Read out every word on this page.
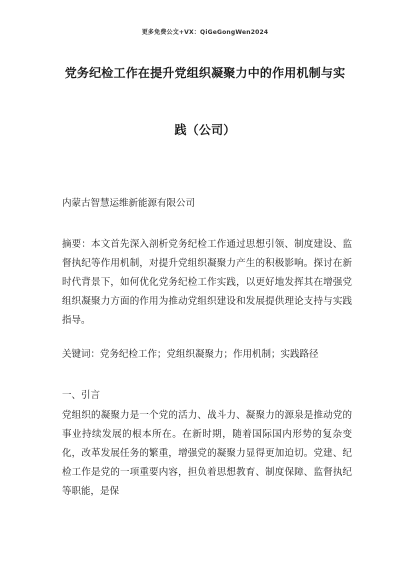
更多免费公文+VX：QiGeGongWen2024
党务纪检工作在提升党组织凝聚力中的作用机制与实
践（公司）
内蒙古智慧运维新能源有限公司

摘要：本文首先深入剖析党务纪检工作通过思想引领、制度建设、监督执纪等作用机制，对提升党组织凝聚力产生的积极影响。探讨在新时代背景下，如何优化党务纪检工作实践，以更好地发挥其在增强党组织凝聚力方面的作用为推动党组织建设和发展提供理论支持与实践指导。

关键词：党务纪检工作；党组织凝聚力；作用机制；实践路径

一、引言

党组织的凝聚力是一个党的活力、战斗力、凝聚力的源泉是推动党的事业持续发展的根本所在。在新时期，随着国际国内形势的复杂变化，改革发展任务的繁重，增强党的凝聚力显得更加迫切。党建、纪检工作是党的一项重要内容，担负着思想教育、制度保障、监督执纪等职能，是保
